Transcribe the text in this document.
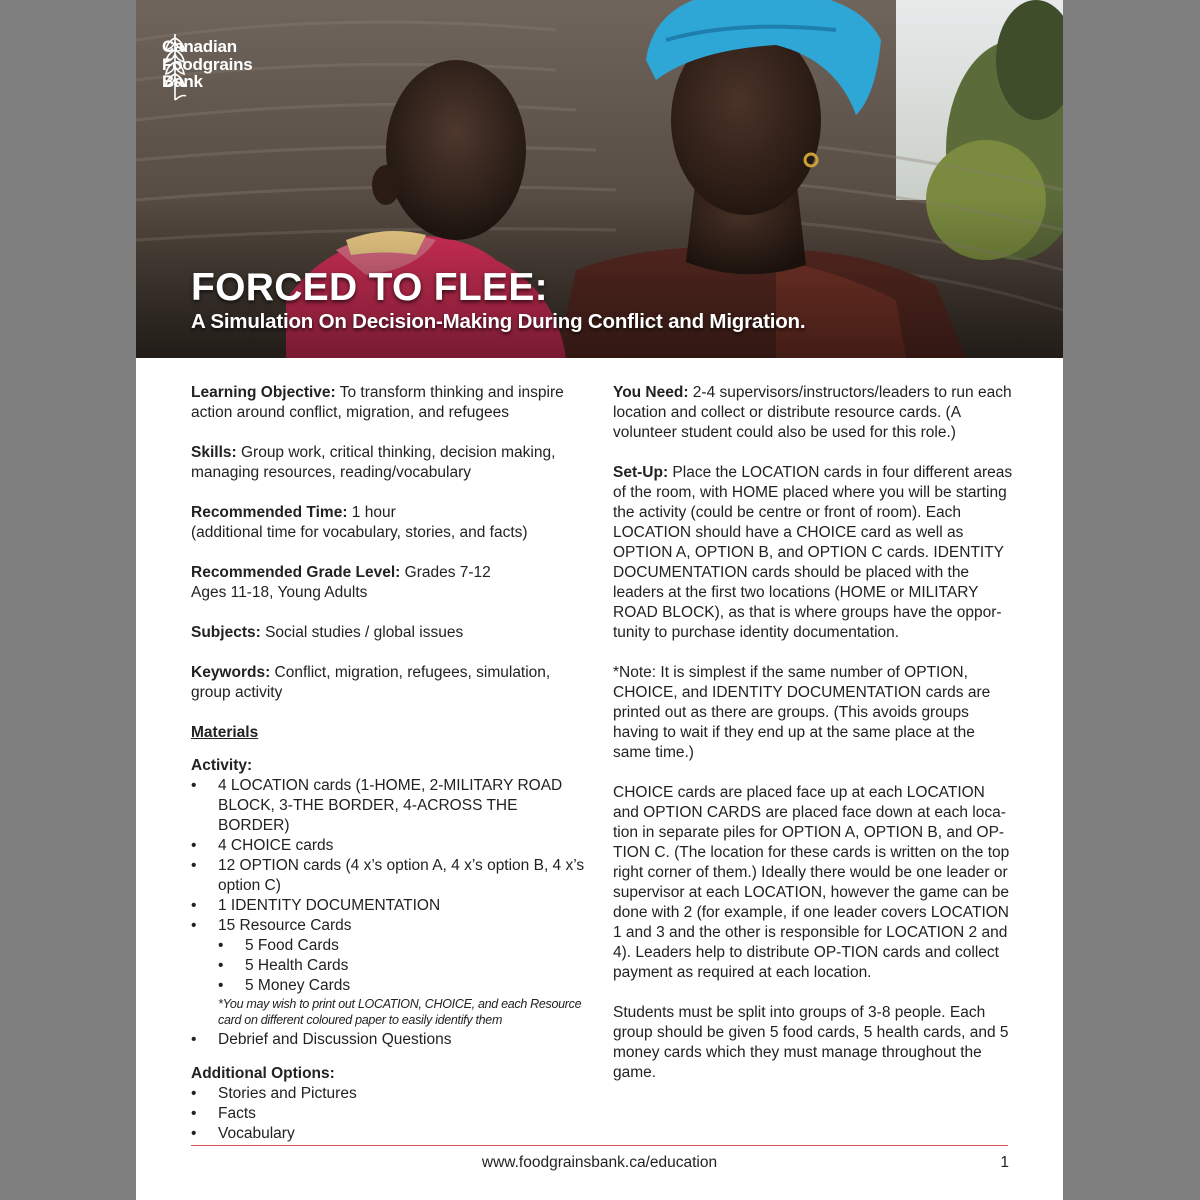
Canadian
Foodgrains
Bank
FORCED TO FLEE:
A Simulation On Decision-Making During Conflict and Migration.

Learning Objective: To transform thinking and inspire action around conflict, migration, and refugees

Skills: Group work, critical thinking, decision making, managing resources, reading/vocabulary

Recommended Time: 1 hour
(additional time for vocabulary, stories, and facts)

Recommended Grade Level: Grades 7-12
Ages 11-18, Young Adults

Subjects: Social studies / global issues

Keywords: Conflict, migration, refugees, simulation, group activity

Materials
Activity:
• 4 LOCATION cards (1-HOME, 2-MILITARY ROAD BLOCK, 3-THE BORDER, 4-ACROSS THE BORDER)
• 4 CHOICE cards
• 12 OPTION cards (4 x’s option A, 4 x’s option B, 4 x’s option C)
• 1 IDENTITY DOCUMENTATION
• 15 Resource Cards
• 5 Food Cards
• 5 Health Cards
• 5 Money Cards
*You may wish to print out LOCATION, CHOICE, and each Resource card on different coloured paper to easily identify them
• Debrief and Discussion Questions
Additional Options:
• Stories and Pictures
• Facts
• Vocabulary

You Need: 2-4 supervisors/instructors/leaders to run each location and collect or distribute resource cards. (A volunteer student could also be used for this role.)

Set-Up: Place the LOCATION cards in four different areas of the room, with HOME placed where you will be starting the activity (could be centre or front of room). Each LOCATION should have a CHOICE card as well as OPTION A, OPTION B, and OPTION C cards. IDENTITY DOCUMENTATION cards should be placed with the leaders at the first two locations (HOME or MILITARY ROAD BLOCK), as that is where groups have the oppor-tunity to purchase identity documentation.

*Note: It is simplest if the same number of OPTION, CHOICE, and IDENTITY DOCUMENTATION cards are printed out as there are groups. (This avoids groups having to wait if they end up at the same place at the same time.)

CHOICE cards are placed face up at each LOCATION and OPTION CARDS are placed face down at each loca-tion in separate piles for OPTION A, OPTION B, and OP-TION C. (The location for these cards is written on the top right corner of them.) Ideally there would be one leader or supervisor at each LOCATION, however the game can be done with 2 (for example, if one leader covers LOCATION 1 and 3 and the other is responsible for LOCATION 2 and 4). Leaders help to distribute OP-TION cards and collect payment as required at each location.

Students must be split into groups of 3-8 people. Each group should be given 5 food cards, 5 health cards, and 5 money cards which they must manage throughout the game.

www.foodgrainsbank.ca/education	1
